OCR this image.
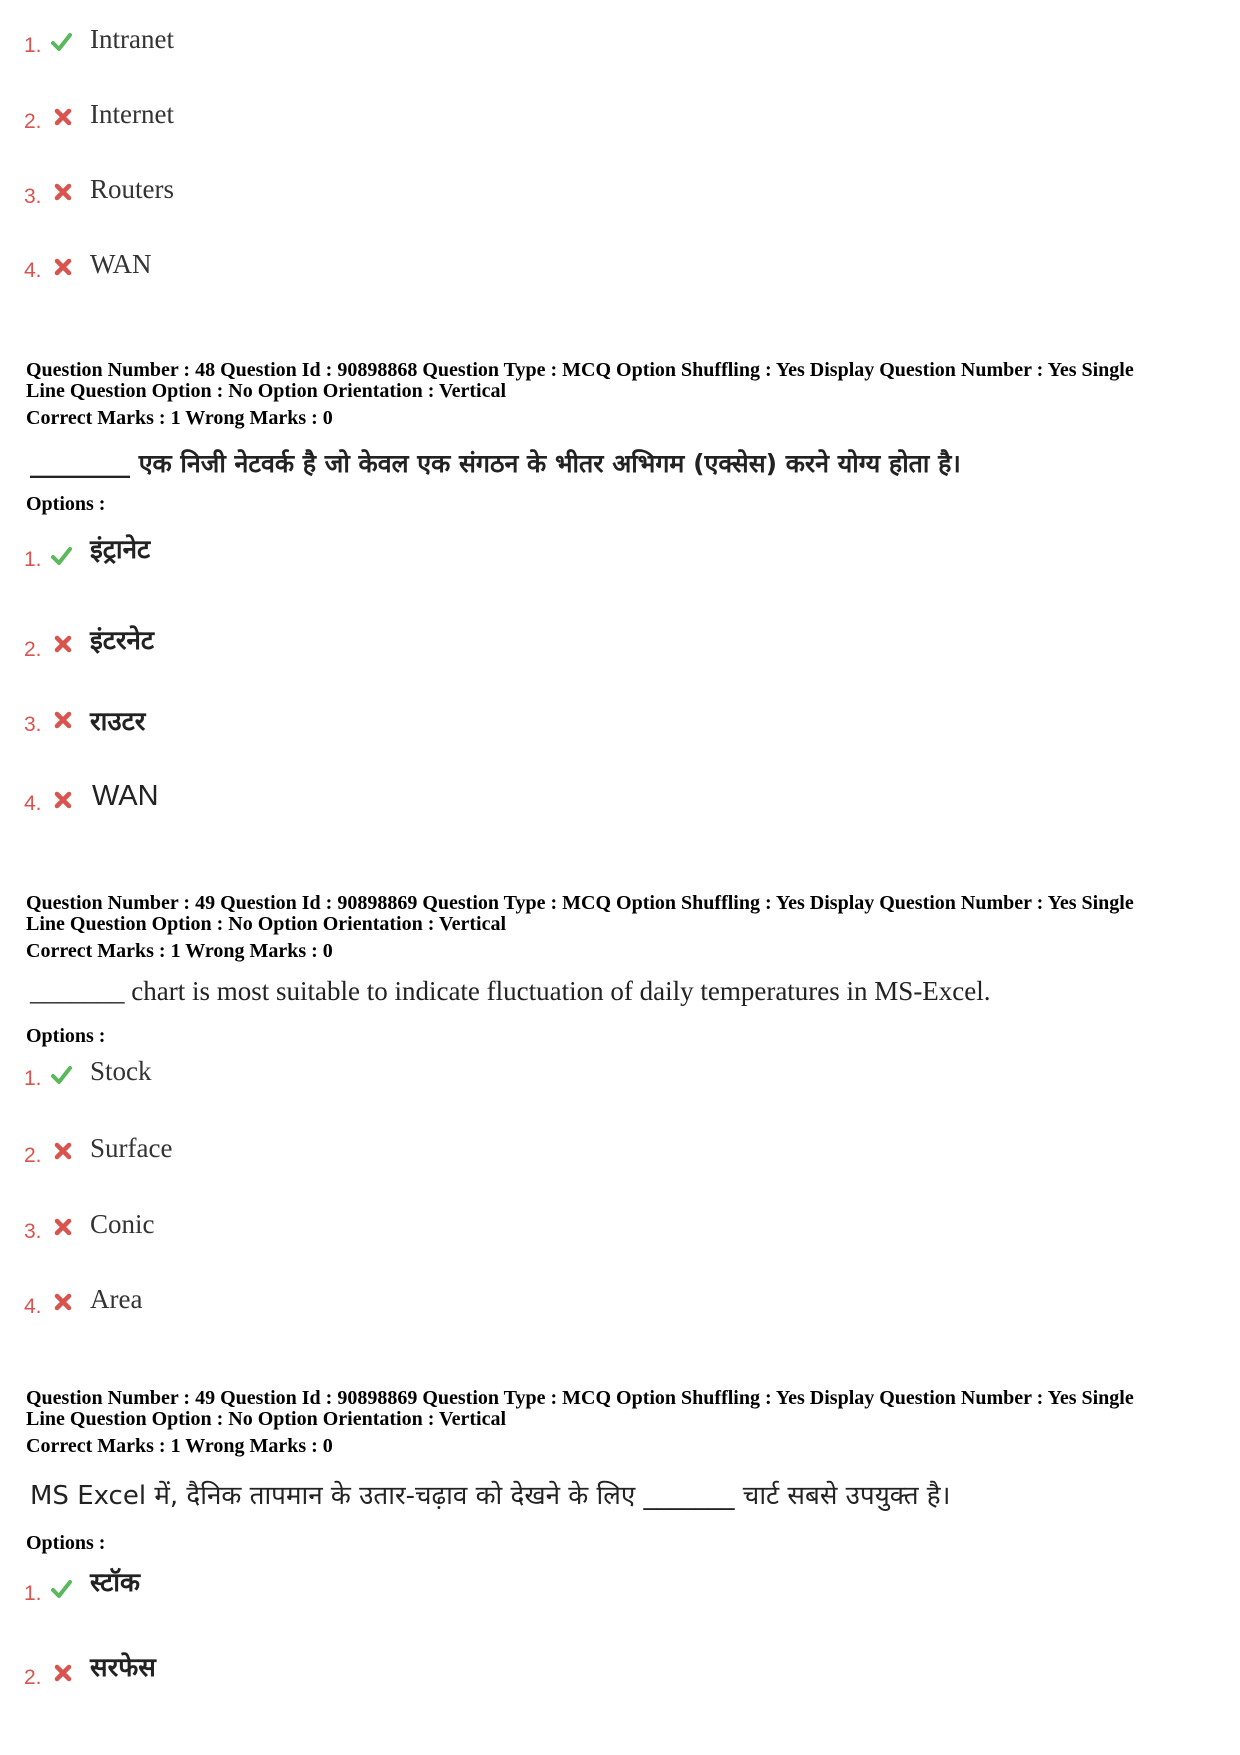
1. Intranet
2. Internet
3. Routers
4. WAN
Question Number : 48 Question Id : 90898868 Question Type : MCQ Option Shuffling : Yes Display Question Number : Yes Single
Line Question Option : No Option Orientation : Vertical
Correct Marks : 1 Wrong Marks : 0
________ एक निजी नेटवर्क है जो केवल एक संगठन के भीतर अभिगम (एक्सेस) करने योग्य होता है।
Options :
1. इंट्रानेट
2. इंटरनेट
3. राउटर
4. WAN
Question Number : 49 Question Id : 90898869 Question Type : MCQ Option Shuffling : Yes Display Question Number : Yes Single
Line Question Option : No Option Orientation : Vertical
Correct Marks : 1 Wrong Marks : 0
_______ chart is most suitable to indicate fluctuation of daily temperatures in MS-Excel.
Options :
1. Stock
2. Surface
3. Conic
4. Area
Question Number : 49 Question Id : 90898869 Question Type : MCQ Option Shuffling : Yes Display Question Number : Yes Single
Line Question Option : No Option Orientation : Vertical
Correct Marks : 1 Wrong Marks : 0
MS Excel में, दैनिक तापमान के उतार-चढ़ाव को देखने के लिए _______ चार्ट सबसे उपयुक्त है।
Options :
1. स्टॉक
2. सरफेस
